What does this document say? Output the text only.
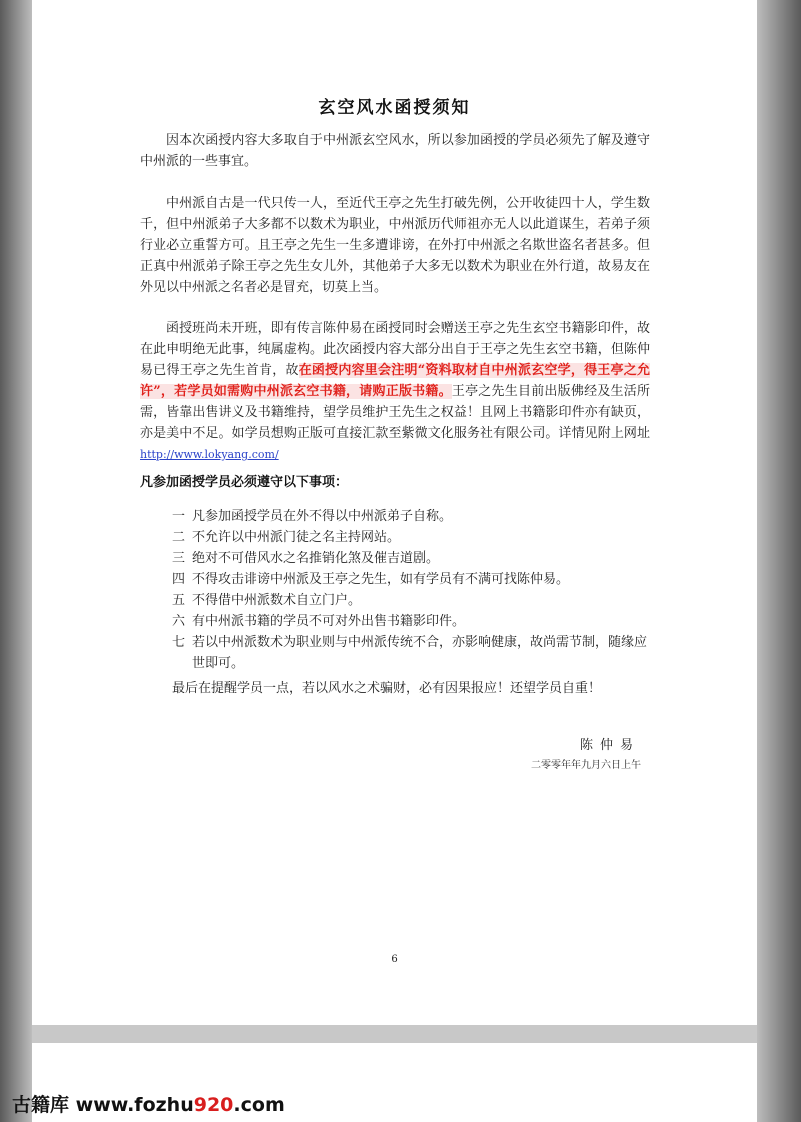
玄空风水函授须知

因本次函授内容大多取自于中州派玄空风水，所以参加函授的学员必须先了解及遵守中州派的一些事宜。

中州派自古是一代只传一人，至近代王亭之先生打破先例，公开收徒四十人，学生数千，但中州派弟子大多都不以数术为职业，中州派历代师祖亦无人以此道谋生，若弟子须行业必立重誓方可。且王亭之先生一生多遭诽谤，在外打中州派之名欺世盗名者甚多。但正真中州派弟子除王亭之先生女儿外，其他弟子大多无以数术为职业在外行道，故易友在外见以中州派之名者必是冒充，切莫上当。

函授班尚未开班，即有传言陈仲易在函授同时会赠送王亭之先生玄空书籍影印件，故在此申明绝无此事，纯属虚构。此次函授内容大部分出自于王亭之先生玄空书籍，但陈仲易已得王亭之先生首肯，故在函授内容里会注明“资料取材自中州派玄空学，得王亭之允许”，若学员如需购中州派玄空书籍，请购正版书籍。王亭之先生目前出版佛经及生活所需，皆靠出售讲义及书籍维持，望学员维护王先生之权益！且网上书籍影印件亦有缺页，亦是美中不足。如学员想购正版可直接汇款至紫微文化服务社有限公司。详情见附上网址 http://www.lokyang.com/

凡参加函授学员必须遵守以下事项：
一 凡参加函授学员在外不得以中州派弟子自称。
二 不允许以中州派门徒之名主持网站。
三 绝对不可借风水之名推销化煞及催吉道剧。
四 不得攻击诽谤中州派及王亭之先生，如有学员有不满可找陈仲易。
五 不得借中州派数术自立门户。
六 有中州派书籍的学员不可对外出售书籍影印件。
七 若以中州派数术为职业则与中州派传统不合，亦影响健康，故尚需节制，随缘应世即可。
最后在提醒学员一点，若以风水之术骗财，必有因果报应！还望学员自重！
陈仲易
二零零年年九月六日上午
6
古籍库 www.fozhu920.com
